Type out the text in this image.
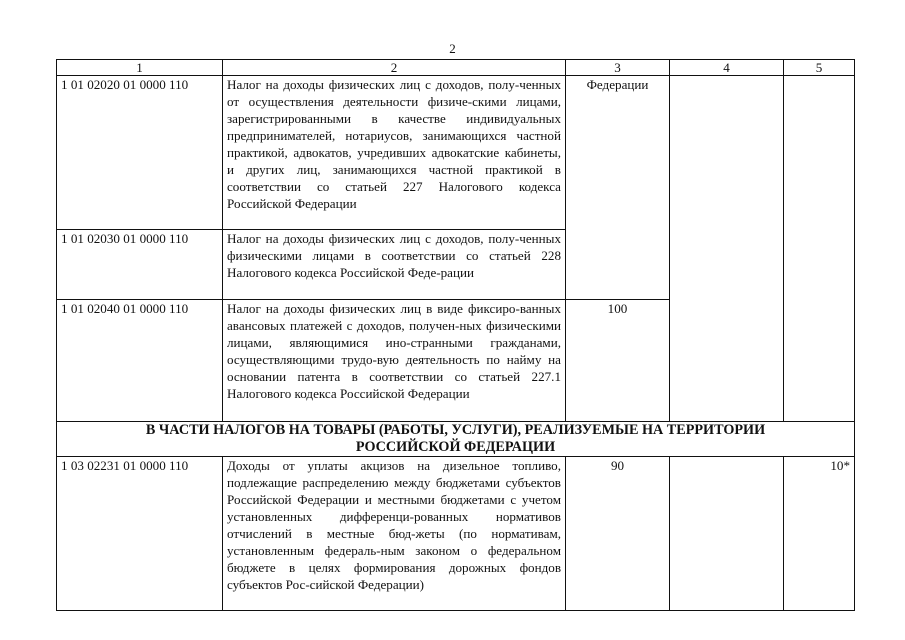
2
1	2	3	4	5
1 01 02020 01 0000 110	Налог на доходы физических лиц с доходов, полу-ченных от осуществления деятельности физиче-скими лицами, зарегистрированными в качестве индивидуальных предпринимателей, нотариусов, занимающихся частной практикой, адвокатов, учредивших адвокатские кабинеты, и других лиц, занимающихся частной практикой в соответствии со статьей 227 Налогового кодекса Российской Федерации	Федерации		
1 01 02030 01 0000 110	Налог на доходы физических лиц с доходов, полу-ченных физическими лицами в соответствии со статьей 228 Налогового кодекса Российской Феде-рации			
1 01 02040 01 0000 110	Налог на доходы физических лиц в виде фиксиро-ванных авансовых платежей с доходов, получен-ных физическими лицами, являющимися ино-странными гражданами, осуществляющими трудо-вую деятельность по найму на основании патента в соответствии со статьей 227.1 Налогового кодекса Российской Федерации	100		

В ЧАСТИ НАЛОГОВ НА ТОВАРЫ (РАБОТЫ, УСЛУГИ), РЕАЛИЗУЕМЫЕ НА ТЕРРИТОРИИ
РОССИЙСКОЙ ФЕДЕРАЦИИ				

1 03 02231 01 0000 110	Доходы от уплаты акцизов на дизельное топливо, подлежащие распределению между бюджетами субъектов Российской Федерации и местными бюджетами с учетом установленных дифференци-рованных нормативов отчислений в местные бюд-жеты (по нормативам, установленным федераль-ным законом о федеральном бюджете в целях формирования дорожных фондов субъектов Рос-сийской Федерации)	90		10*
